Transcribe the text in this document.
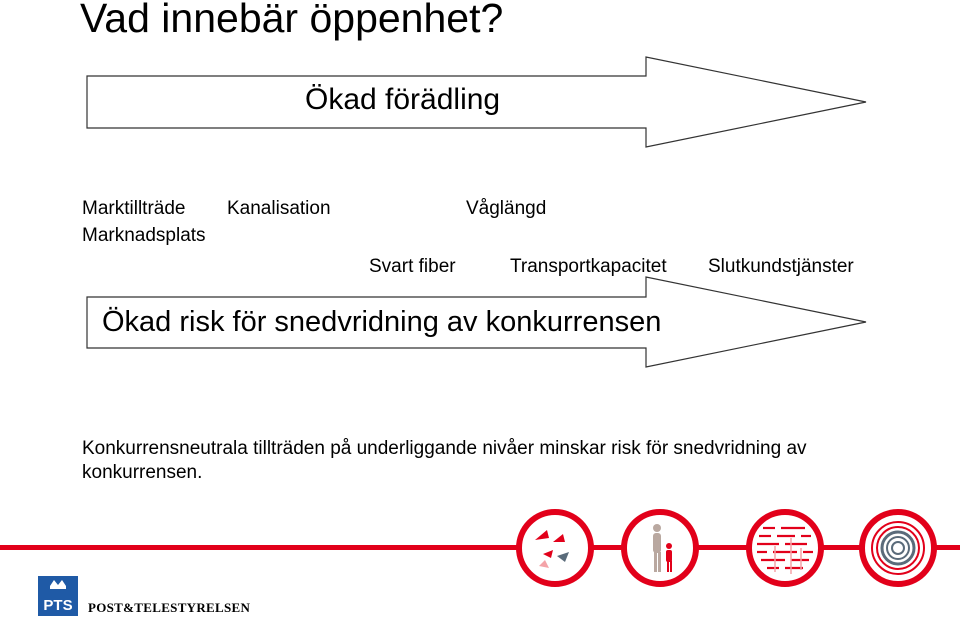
Vad innebär öppenhet?
Ökad förädling
Ökad risk för snedvridning av konkurrensen
Marktillträde Kanalisation	Våglängd
Marknadsplats
Svart fiber	Transportkapacitet Slutkundstjänster
Konkurrensneutrala tillträden på underliggande nivåer minskar risk för snedvridning av konkurrensen.
PTS POST&TELESTYRELSEN
